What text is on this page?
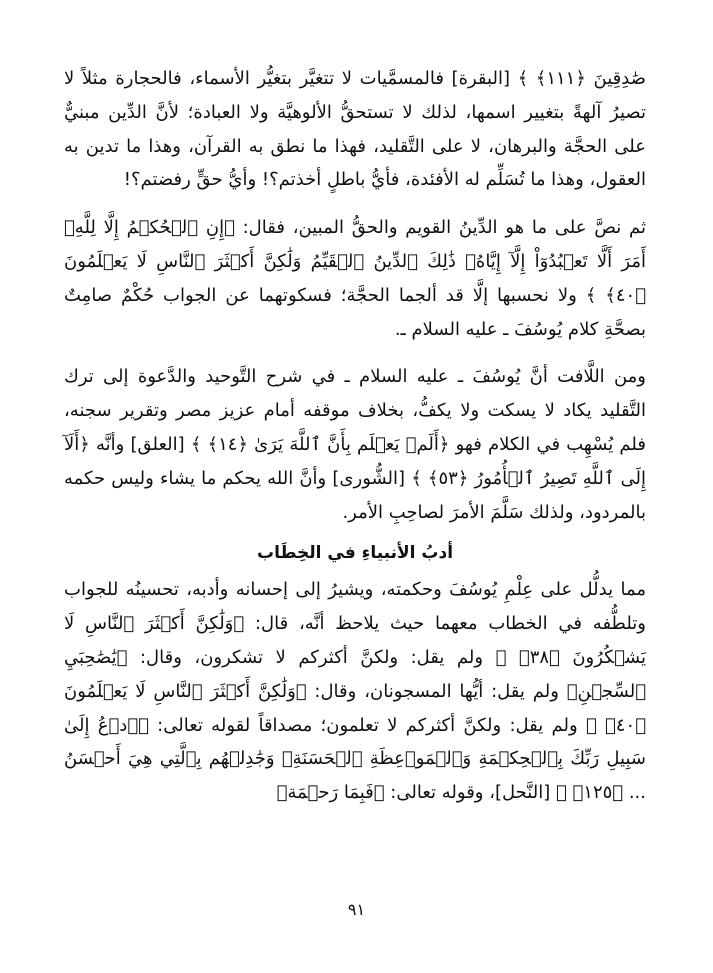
صَٰدِقِينَ ﴿١١١﴾ ﴾ [البقرة] فالمسمَّيات لا تتغيَّر بتغيُّر الأسماء، فالحجارة مثلاً لا تصيرُ آلهةً بتغيير اسمها، لذلك لا تستحقُّ الألوهيَّة ولا العبادة؛ لأنَّ الدِّين مبنيٌّ على الحجَّة والبرهان، لا على التَّقليد، فهذا ما نطق به القرآن، وهذا ما تدين به العقول، وهذا ما تُسَلِّم له الأفئدة، فأيُّ باطلٍ أخذتم؟! وأيُّ حقٍّ رفضتم؟!

ثم نصَّ على ما هو الدِّينُ القويم والحقُّ المبين، فقال: ﴿إِنِ ٱلۡحُكۡمُ إِلَّا لِلَّهِۚ أَمَرَ أَلَّا تَعۡبُدُوٓاْ إِلَّآ إِيَّاهُۚ ذَٰلِكَ ٱلدِّينُ ٱلۡقَيِّمُ وَلَٰكِنَّ أَكۡثَرَ ٱلنَّاسِ لَا يَعۡلَمُونَ ﴿٤٠﴾ ﴾ ولا نحسبها إلَّا قد ألجما الحجَّة؛ فسكوتهما عن الجواب حُكْمٌ صامِتٌ بصحَّةِ كلام يُوسُفَ ـ عليه السلام ـ.

ومن اللَّافت أنَّ يُوسُفَ ـ عليه السلام ـ في شرح التَّوحيد والدَّعوة إلى ترك التَّقليد يكاد لا يسكت ولا يكفُّ، بخلاف موقفه أمام عزيز مصر وتقرير سجنه، فلم يُسْهِب في الكلام فهو ﴿أَلَمۡ يَعۡلَم بِأَنَّ ٱللَّهَ يَرَىٰ ﴿١٤﴾ ﴾ [العلق] وأنَّه ﴿أَلَآ إِلَى ٱللَّهِ تَصِيرُ ٱلۡأُمُورُ ﴿٥٣﴾ ﴾ [الشُّورى] وأنَّ الله يحكم ما يشاء وليس حكمه بالمردود، ولذلك سَلَّمَ الأمرَ لصاحِبِ الأمر.

أدبُ الأنبياءِ في الخِطَاب

مما يدلُّل على عِلْمِ يُوسُفَ وحكمته، ويشيرُ إلى إحسانه وأدبه، تحسينُه للجواب وتلطُّفه في الخطاب معهما حيث يلاحظ أنَّه، قال: ﴿وَلَٰكِنَّ أَكۡثَرَ ٱلنَّاسِ لَا يَشۡكُرُونَ ﴿٣٨﴾ ﴾ ولم يقل: ولكنَّ أكثركم لا تشكرون، وقال: ﴿يَٰصَٰحِبَيِ ٱلسِّجۡنِ﴾ ولم يقل: أيُّها المسجونان، وقال: ﴿وَلَٰكِنَّ أَكۡثَرَ ٱلنَّاسِ لَا يَعۡلَمُونَ ﴿٤٠﴾ ﴾ ولم يقل: ولكنَّ أكثركم لا تعلمون؛ مصداقاً لقوله تعالى: ﴿ٱدۡعُ إِلَىٰ سَبِيلِ رَبِّكَ بِٱلۡحِكۡمَةِ وَٱلۡمَوۡعِظَةِ ٱلۡحَسَنَةِۖ وَجَٰدِلۡهُم بِٱلَّتِي هِيَ أَحۡسَنُ ... ﴿١٢٥﴾ ﴾ [النَّحل]، وقوله تعالى: ﴿فَبِمَا رَحۡمَةٖ

٩١
